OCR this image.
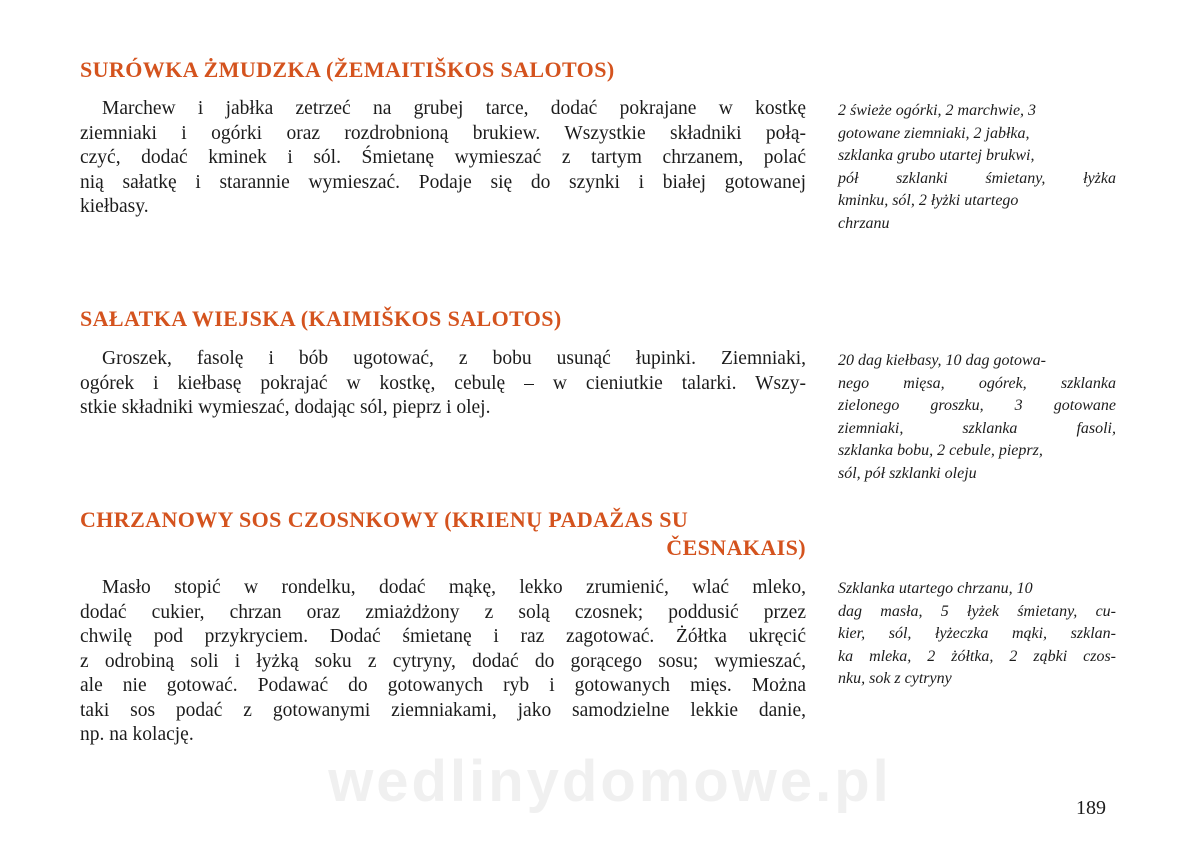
SURÓWKA ŻMUDZKA (ŽEMAITIŠKOS SALOTOS)
Marchew i jabłka zetrzeć na grubej tarce, dodać pokrajane w kostkę
ziemniaki i ogórki oraz rozdrobnioną brukiew. Wszystkie składniki połą-
czyć, dodać kminek i sól. Śmietanę wymieszać z tartym chrzanem, polać
nią sałatkę i starannie wymieszać. Podaje się do szynki i białej gotowanej
kiełbasy.
2 świeże ogórki, 2 marchwie, 3
gotowane ziemniaki, 2 jabłka,
szklanka grubo utartej brukwi,
pół szklanki śmietany, łyżka
kminku, sól, 2 łyżki utartego
chrzanu
SAŁATKA WIEJSKA (KAIMIŠKOS SALOTOS)
Groszek, fasolę i bób ugotować, z bobu usunąć łupinki. Ziemniaki,
ogórek i kiełbasę pokrajać w kostkę, cebulę – w cieniutkie talarki. Wszy-
stkie składniki wymieszać, dodając sól, pieprz i olej.
20 dag kiełbasy, 10 dag gotowa-
nego mięsa, ogórek, szklanka
zielonego groszku, 3 gotowane
ziemniaki, szklanka fasoli,
szklanka bobu, 2 cebule, pieprz,
sól, pół szklanki oleju
CHRZANOWY SOS CZOSNKOWY (KRIENŲ PADAŽAS SU
ČESNAKAIS)
Masło stopić w rondelku, dodać mąkę, lekko zrumienić, wlać mleko,
dodać cukier, chrzan oraz zmiażdżony z solą czosnek; poddusić przez
chwilę pod przykryciem. Dodać śmietanę i raz zagotować. Żółtka ukręcić
z odrobiną soli i łyżką soku z cytryny, dodać do gorącego sosu; wymieszać,
ale nie gotować. Podawać do gotowanych ryb i gotowanych mięs. Można
taki sos podać z gotowanymi ziemniakami, jako samodzielne lekkie danie,
np. na kolację.
Szklanka utartego chrzanu, 10
dag masła, 5 łyżek śmietany, cu-
kier, sól, łyżeczka mąki, szklan-
ka mleka, 2 żółtka, 2 ząbki czos-
nku, sok z cytryny
wedlinydomowe.pl	189
